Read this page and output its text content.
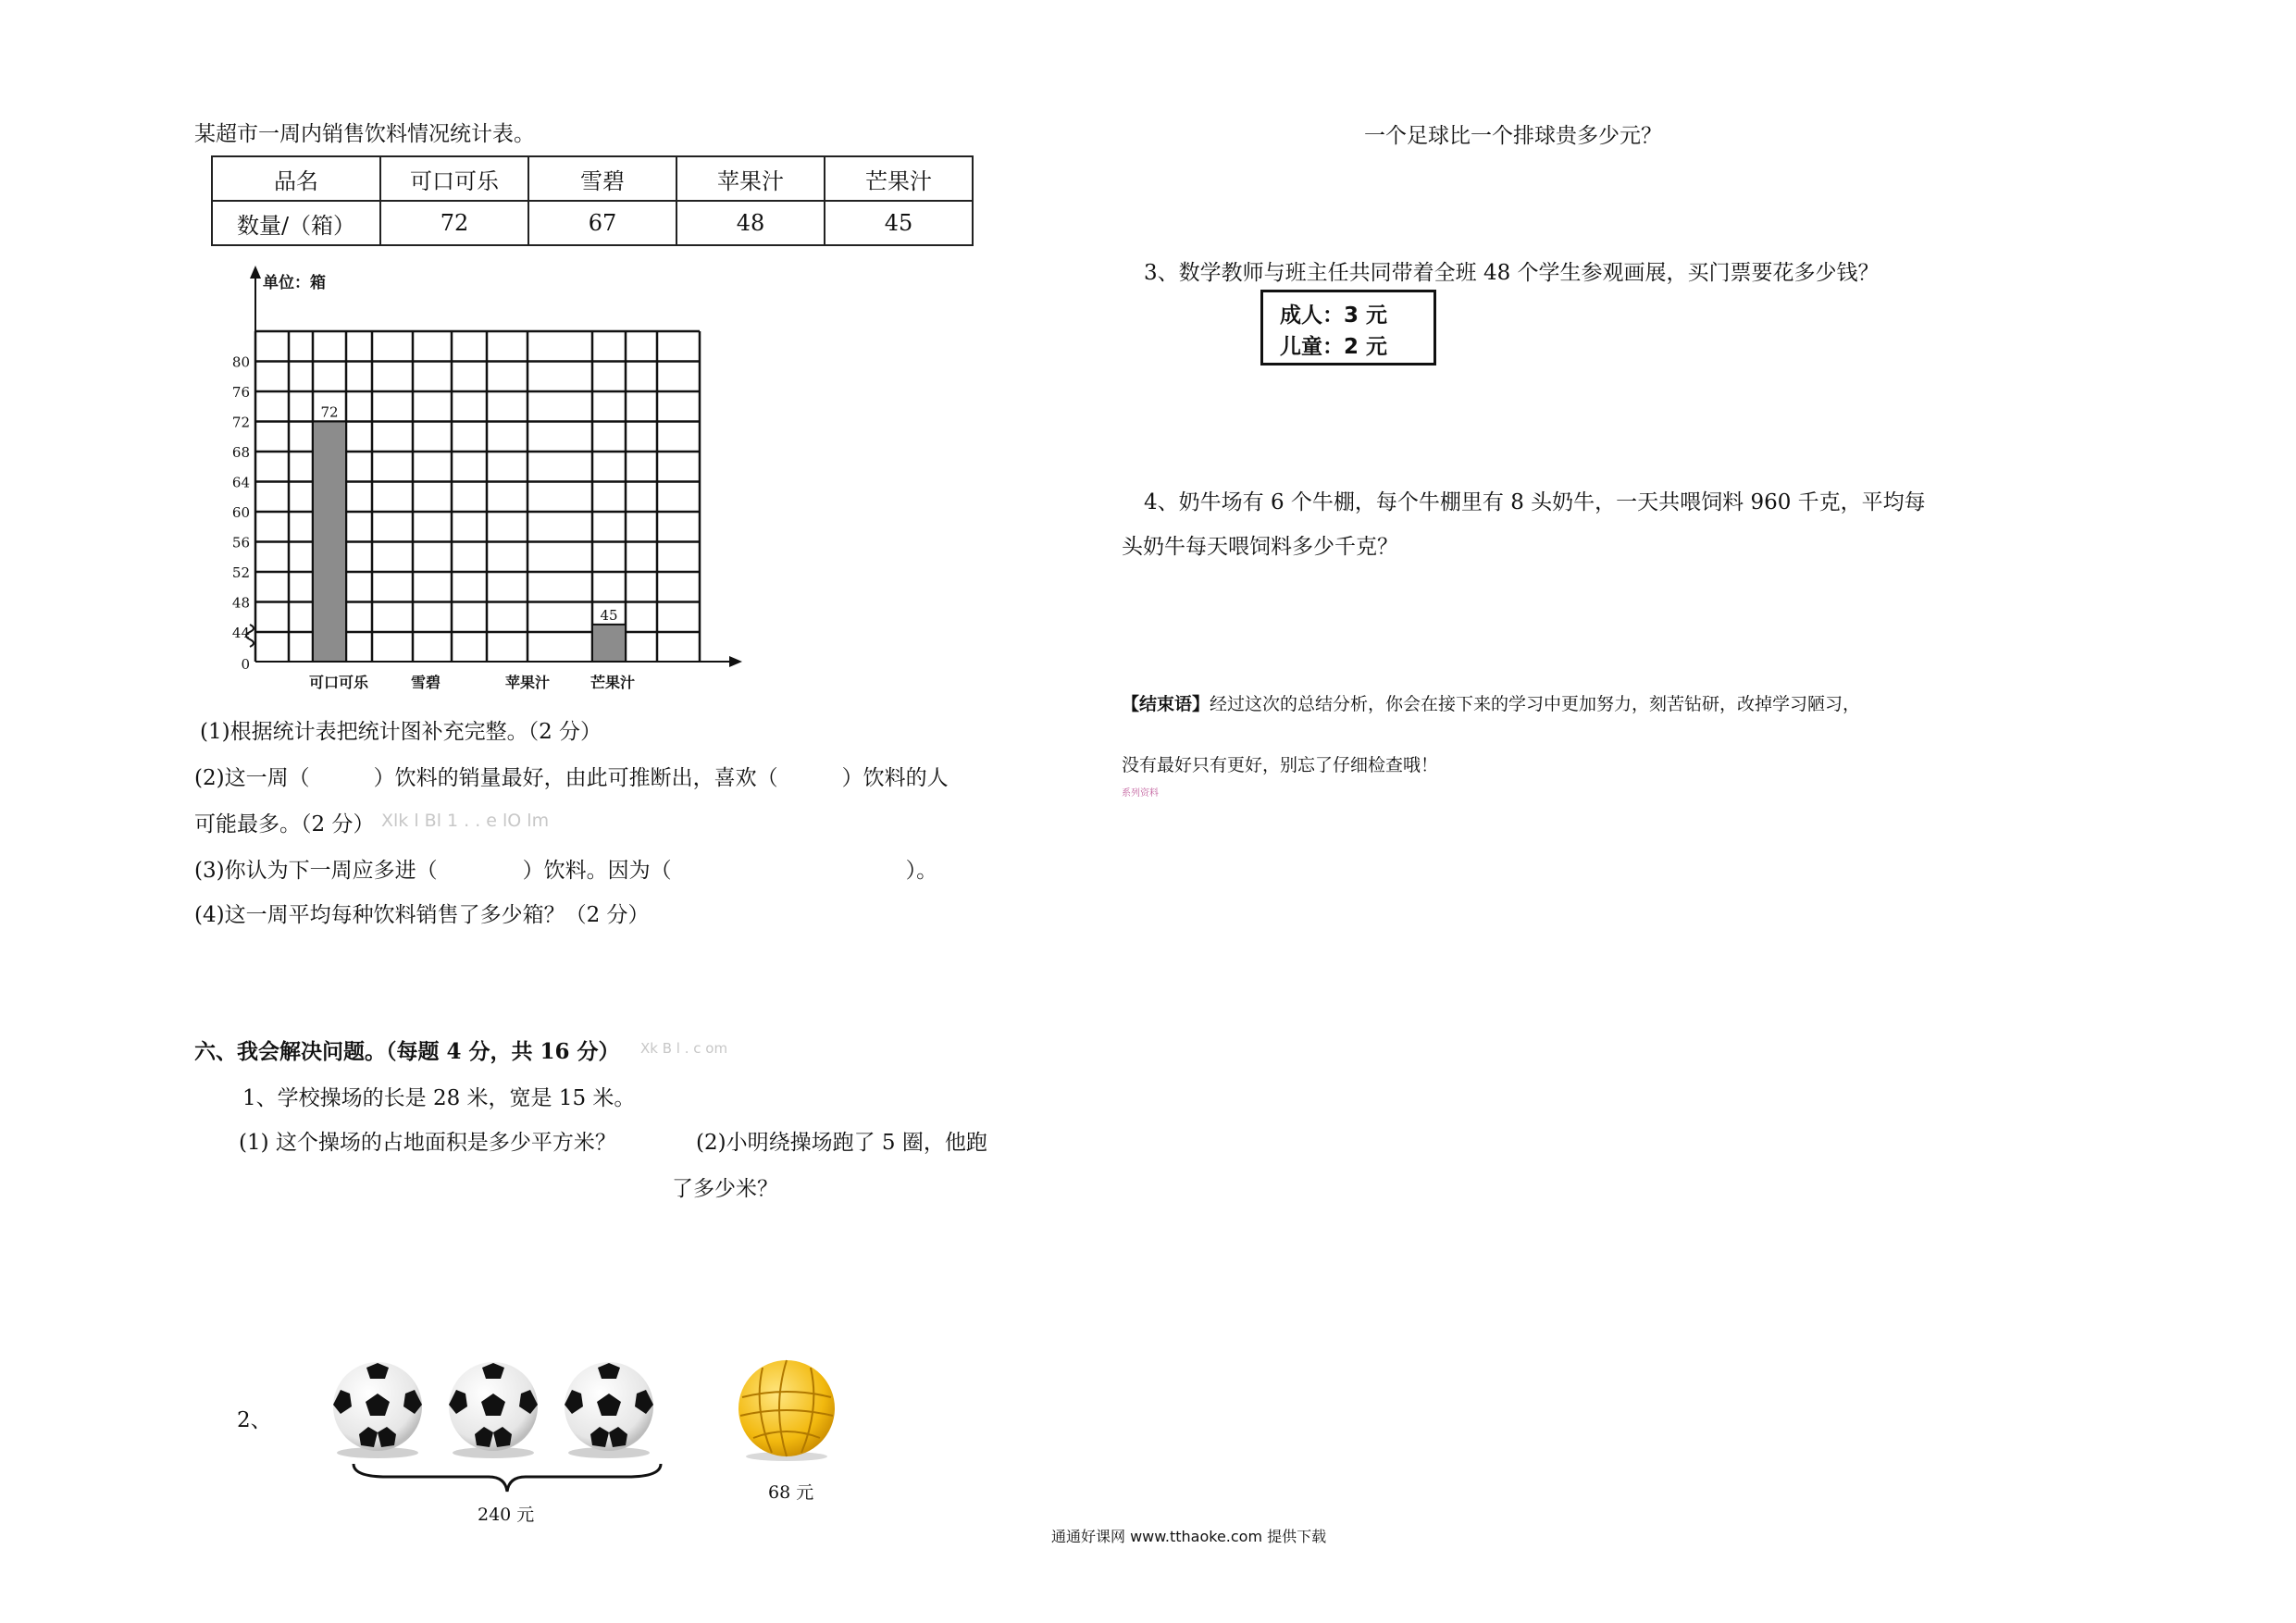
某超市一周内销售饮料情况统计表。
品名	可口可乐	雪碧	苹果汁	芒果汁
数量/（箱）	72	67	48	45
单位：箱
0
44
48
52
56
60
64
68
72
76
80
72
可口可乐	雪碧	苹果汁
45
芒果汁
(1)根据统计表把统计图补充完整。（2 分）
(2)这一周（　　　）饮料的销量最好，由此可推断出，喜欢（　　　）饮料的人
可能最多。（2 分） Xlk l Bl 1 . . e lO lm
(3)你认为下一周应多进（　　　　）饮料。因为（　　　　　　　　　　　）。
(4)这一周平均每种饮料销售了多少箱？（2 分）
六、我会解决问题。（每题 4 分，共 16 分） Xk B l . c om
1、学校操场的长是 28 米，宽是 15 米。
(1) 这个操场的占地面积是多少平方米？	(2)小明绕操场跑了 5 圈，他跑
了多少米？
2、
240 元
68 元
一个足球比一个排球贵多少元？
3、数学教师与班主任共同带着全班 48 个学生参观画展，买门票要花多少钱？
成人：3 元
儿童：2 元
4、奶牛场有 6 个牛棚，每个牛棚里有 8 头奶牛，一天共喂饲料 960 千克，平均每
头奶牛每天喂饲料多少千克？
【结束语】经过这次的总结分析，你会在接下来的学习中更加努力，刻苦钻研，改掉学习陋习，
没有最好只有更好，别忘了仔细检查哦！
系列资料
通通好课网 www.tthaoke.com 提供下载
